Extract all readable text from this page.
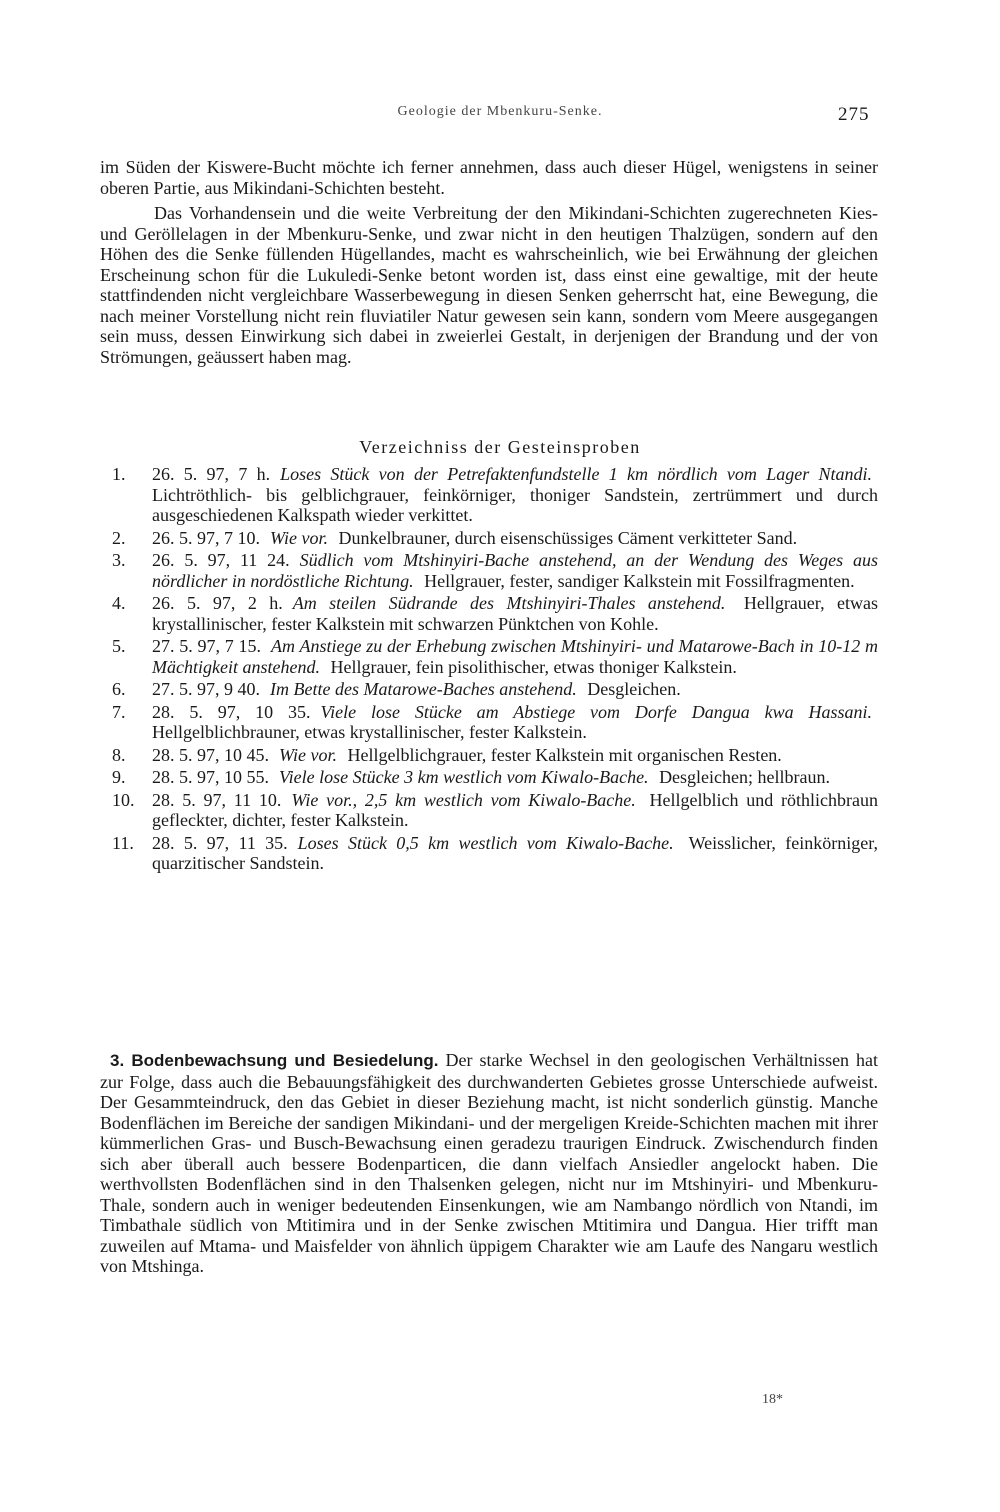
Geologie der Mbenkuru-Senke.	275

im Süden der Kiswere-Bucht möchte ich ferner annehmen, dass auch dieser Hügel, wenigstens in seiner oberen Partie, aus Mikindani-Schichten besteht.

Das Vorhandensein und die weite Verbreitung der den Mikindani-Schichten zugerechneten Kies- und Geröllelagen in der Mbenkuru-Senke, und zwar nicht in den heutigen Thalzügen, sondern auf den Höhen des die Senke füllenden Hügellandes, macht es wahrscheinlich, wie bei Erwähnung der gleichen Erscheinung schon für die Lukuledi-Senke betont worden ist, dass einst eine gewaltige, mit der heute stattfindenden nicht vergleichbare Wasserbewegung in diesen Senken geherrscht hat, eine Bewegung, die nach meiner Vorstellung nicht rein fluviatiler Natur gewesen sein kann, sondern vom Meere ausgegangen sein muss, dessen Einwirkung sich dabei in zweierlei Gestalt, in derjenigen der Brandung und der von Strömungen, geäussert haben mag.

Verzeichniss der Gesteinsproben

1.	26. 5. 97, 7 h. Loses Stück von der Petrefaktenfundstelle 1 km nördlich vom Lager Ntandi. Lichtröthlich- bis gelblichgrauer, feinkörniger, thoniger Sandstein, zertrümmert und durch ausgeschiedenen Kalkspath wieder verkittet.

2.	26. 5. 97, 7 10. Wie vor. Dunkelbrauner, durch eisenschüssiges Cäment verkitteter Sand.

3.	26. 5. 97, 11 24. Südlich vom Mtshinyiri-Bache anstehend, an der Wendung des Weges aus nördlicher in nordöstliche Richtung. Hellgrauer, fester, sandiger Kalkstein mit Fossilfragmenten.

4.	26. 5. 97, 2 h. Am steilen Südrande des Mtshinyiri-Thales anstehend. Hellgrauer, etwas krystallinischer, fester Kalkstein mit schwarzen Pünktchen von Kohle.

5.	27. 5. 97, 7 15. Am Anstiege zu der Erhebung zwischen Mtshinyiri- und Matarowe-Bach in 10-12 m Mächtigkeit anstehend. Hellgrauer, fein pisolithischer, etwas thoniger Kalkstein.

6.	27. 5. 97, 9 40. Im Bette des Matarowe-Baches anstehend. Desgleichen.

7.	28. 5. 97, 10 35. Viele lose Stücke am Abstiege vom Dorfe Dangua kwa Hassani. Hellgelblichbrauner, etwas krystallinischer, fester Kalkstein.

8.	28. 5. 97, 10 45. Wie vor. Hellgelblichgrauer, fester Kalkstein mit organischen Resten.

9.	28. 5. 97, 10 55. Viele lose Stücke 3 km westlich vom Kiwalo-Bache. Desgleichen; hellbraun.

10. 28. 5. 97, 11 10. Wie vor., 2,5 km westlich vom Kiwalo-Bache. Hellgelblich und röthlichbraun gefleckter, dichter, fester Kalkstein.

11.	28. 5. 97, 11 35. Loses Stück 0,5 km westlich vom Kiwalo-Bache. Weisslicher, feinkörniger, quarzitischer Sandstein.

3. Bodenbewachsung und Besiedelung. Der starke Wechsel in den geologischen Verhältnissen hat zur Folge, dass auch die Bebauungsfähigkeit des durchwanderten Gebietes grosse Unterschiede aufweist. Der Gesammteindruck, den das Gebiet in dieser Beziehung macht, ist nicht sonderlich günstig. Manche Bodenflächen im Bereiche der sandigen Mikindani- und der mergeligen Kreide-Schichten machen mit ihrer kümmerlichen Gras- und Busch-Bewachsung einen geradezu traurigen Eindruck. Zwischendurch finden sich aber überall auch bessere Bodenparticen, die dann vielfach Ansiedler angelockt haben. Die werthvollsten Bodenflächen sind in den Thalsenken gelegen, nicht nur im Mtshinyiri- und Mbenkuru-Thale, sondern auch in weniger bedeutenden Einsenkungen, wie am Nambango nördlich von Ntandi, im Timbathale südlich von Mtitimira und in der Senke zwischen Mtitimira und Dangua. Hier trifft man zuweilen auf Mtama- und Maisfelder von ähnlich üppigem Charakter wie am Laufe des Nangaru westlich von Mtshinga.

18*
